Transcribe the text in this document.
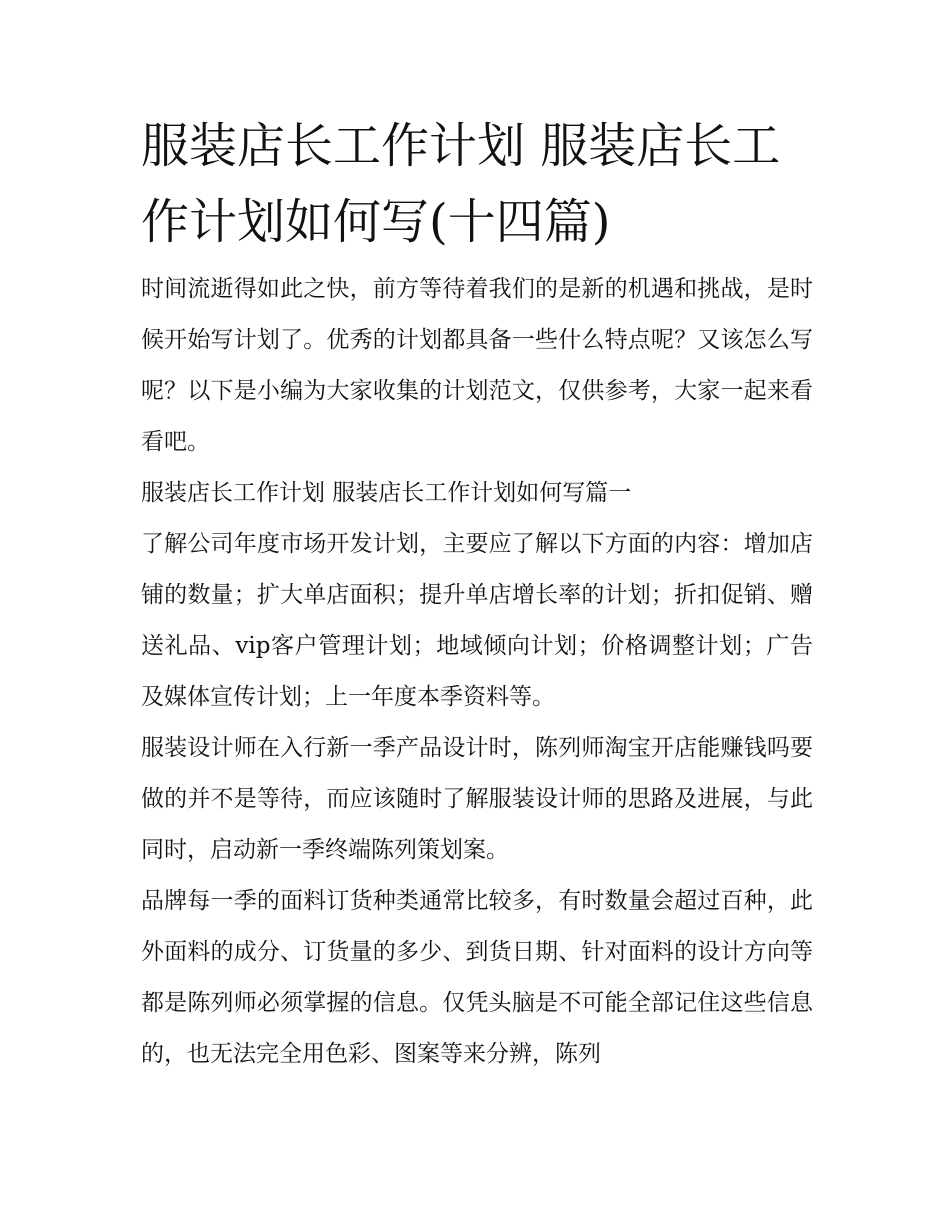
服装店长工作计划 服装店长工作计划如何写(十四篇)

时间流逝得如此之快，前方等待着我们的是新的机遇和挑战，是时候开始写计划了。优秀的计划都具备一些什么特点呢？又该怎么写呢？以下是小编为大家收集的计划范文，仅供参考，大家一起来看看吧。

服装店长工作计划 服装店长工作计划如何写篇一

了解公司年度市场开发计划，主要应了解以下方面的内容：增加店铺的数量；扩大单店面积；提升单店增长率的计划；折扣促销、赠送礼品、vip客户管理计划；地域倾向计划；价格调整计划；广告及媒体宣传计划；上一年度本季资料等。

服装设计师在入行新一季产品设计时，陈列师淘宝开店能赚钱吗要做的并不是等待，而应该随时了解服装设计师的思路及进展，与此同时，启动新一季终端陈列策划案。

品牌每一季的面料订货种类通常比较多，有时数量会超过百种，此外面料的成分、订货量的多少、到货日期、针对面料的设计方向等都是陈列师必须掌握的信息。仅凭头脑是不可能全部记住这些信息的，也无法完全用色彩、图案等来分辨，陈列
